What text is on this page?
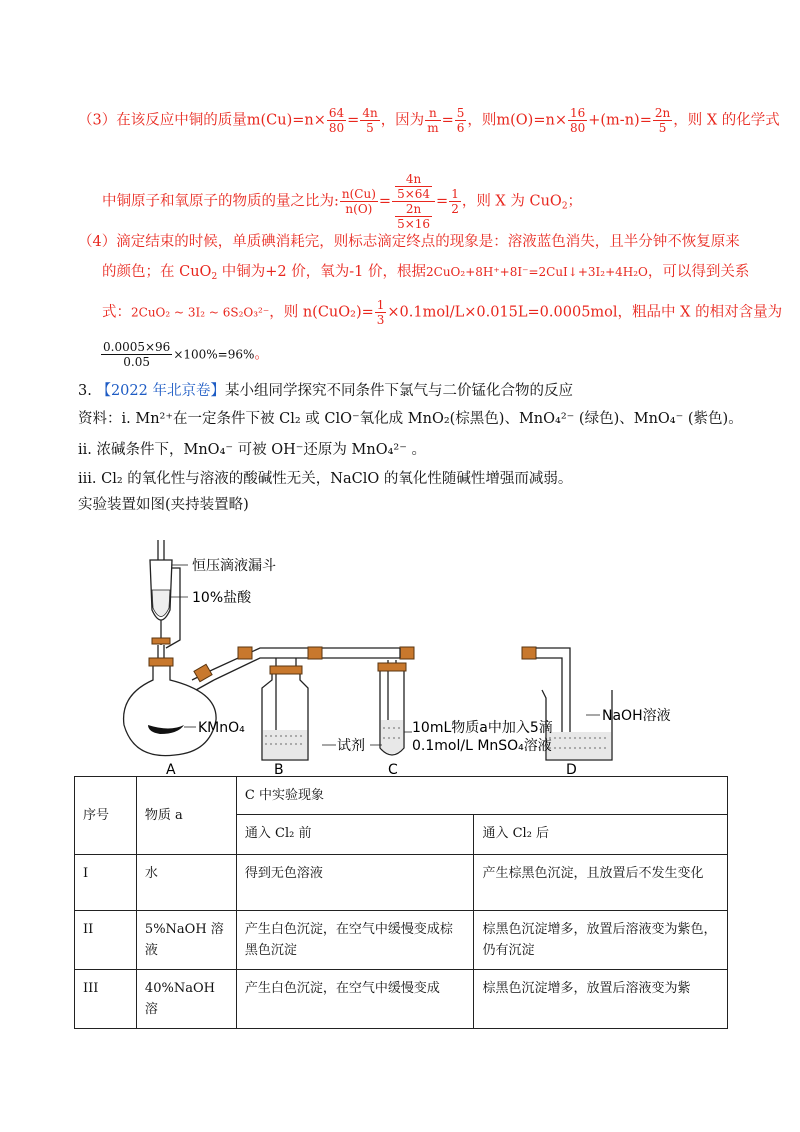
（3）在该反应中铜的质量$m(Cu)=n\times \frac{64}{80} = \frac{4n}{5}$ ，因为 $\frac{n}{m} = \frac{5}{6}$ ，则$m(O)=n\times \frac{16}{80} +(m-n)= \frac{2n}{5}$ ，则 X 的化学式
中铜原子和氧原子的物质的量之比为: $\frac{n(Cu)}{n(O)} = \frac{\frac{4n}{5\times 64}}{\frac{2n}{5\times 16}} = \frac{1}{2}$ ，则 X 为 CuO$_2$；
（4）滴定结束的时候，单质碘消耗完，则标志滴定终点的现象是：溶液蓝色消失，且半分钟不恢复原来
的颜色；在 CuO$_2$ 中铜为+2 价，氧为-1 价，根据2CuO₂+8H⁺+8I⁻=2CuI↓+3I₂+4H₂O，可以得到关系
式：2CuO₂ ~ 3I₂ ~ 6S₂O₃²⁻，则 $n(CuO_2)= \frac{1}{3} \times 0.1mol/L\times 0.015L=0.0005mol$，粗品中 X 的相对含量为
$\frac{0.0005\times 96}{0.05} \times 100\%=96\%$。
3. 【2022 年北京卷】某小组同学探究不同条件下氯气与二价锰化合物的反应
资料：i. Mn²⁺在一定条件下被 Cl₂ 或 ClO⁻氧化成 MnO₂(棕黑色)、MnO₄²⁻ (绿色)、MnO₄⁻ (紫色)。
ii. 浓碱条件下，MnO₄⁻ 可被 OH⁻还原为 MnO₄²⁻ 。
iii. Cl₂ 的氧化性与溶液的酸碱性无关，NaClO 的氧化性随碱性增强而减弱。
实验装置如图(夹持装置略)
恒压滴液漏斗
10%盐酸
KMnO₄
试剂
10mL物质a中加入5滴
0.1mol/L MnSO₄溶液
NaOH溶液
A	B	C	D
序号	物质 a	C 中实验现象	
		通入 Cl₂ 前	通入 Cl₂ 后
I	水	得到无色溶液	产生棕黑色沉淀，且放置后不发生变化
II	5%NaOH 溶液	产生白色沉淀，在空气中缓慢变成棕黑色沉淀	棕黑色沉淀增多，放置后溶液变为紫色，仍有沉淀
III	40%NaOH 溶	产生白色沉淀，在空气中缓慢变成	棕黑色沉淀增多，放置后溶液变为紫
